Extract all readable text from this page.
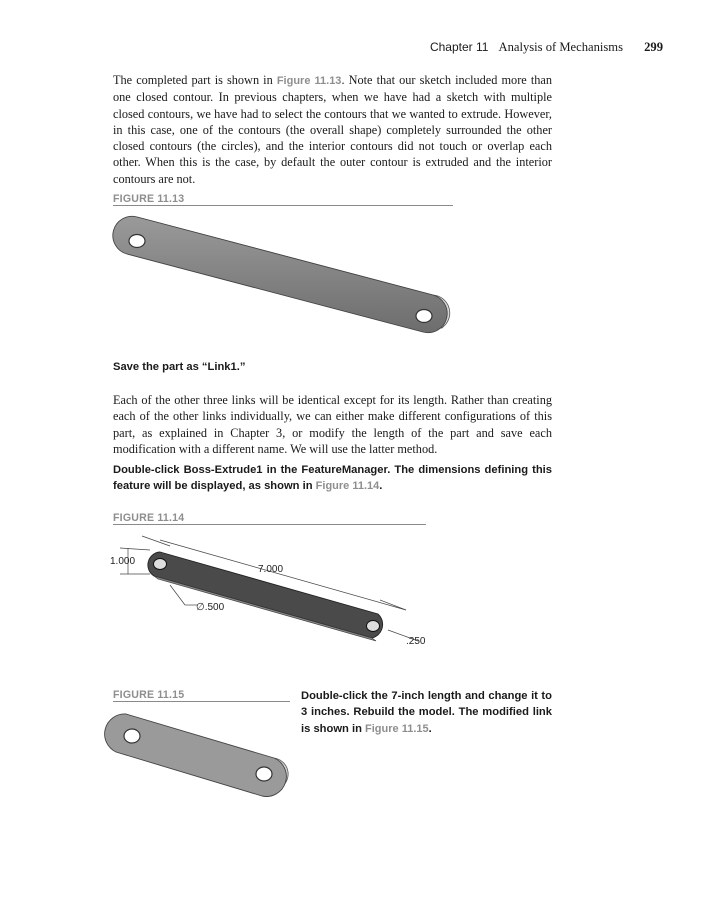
Chapter 11 Analysis of Mechanisms 299

The completed part is shown in Figure 11.13. Note that our sketch included more than one closed contour. In previous chapters, when we have had a sketch with multiple closed contours, we have had to select the contours that we wanted to extrude. However, in this case, one of the contours (the overall shape) completely surrounded the other closed contours (the circles), and the interior contours did not touch or overlap each other. When this is the case, by default the outer contour is extruded and the interior contours are not.

FIGURE 11.13

Save the part as “Link1.”

Each of the other three links will be identical except for its length. Rather than creating each of the other links individually, we can either make different configurations of this part, as explained in Chapter 3, or modify the length of the part and save each modification with a different name. We will use the latter method.

Double-click Boss-Extrude1 in the FeatureManager. The dimensions defining this feature will be displayed, as shown in Figure 11.14.

FIGURE 11.14
1.000
7.000
∅.500
.250
FIGURE 11.15	Double-click the 7-inch length and change it to 3 inches. Rebuild the model. The modified link is shown in Figure 11.15.
